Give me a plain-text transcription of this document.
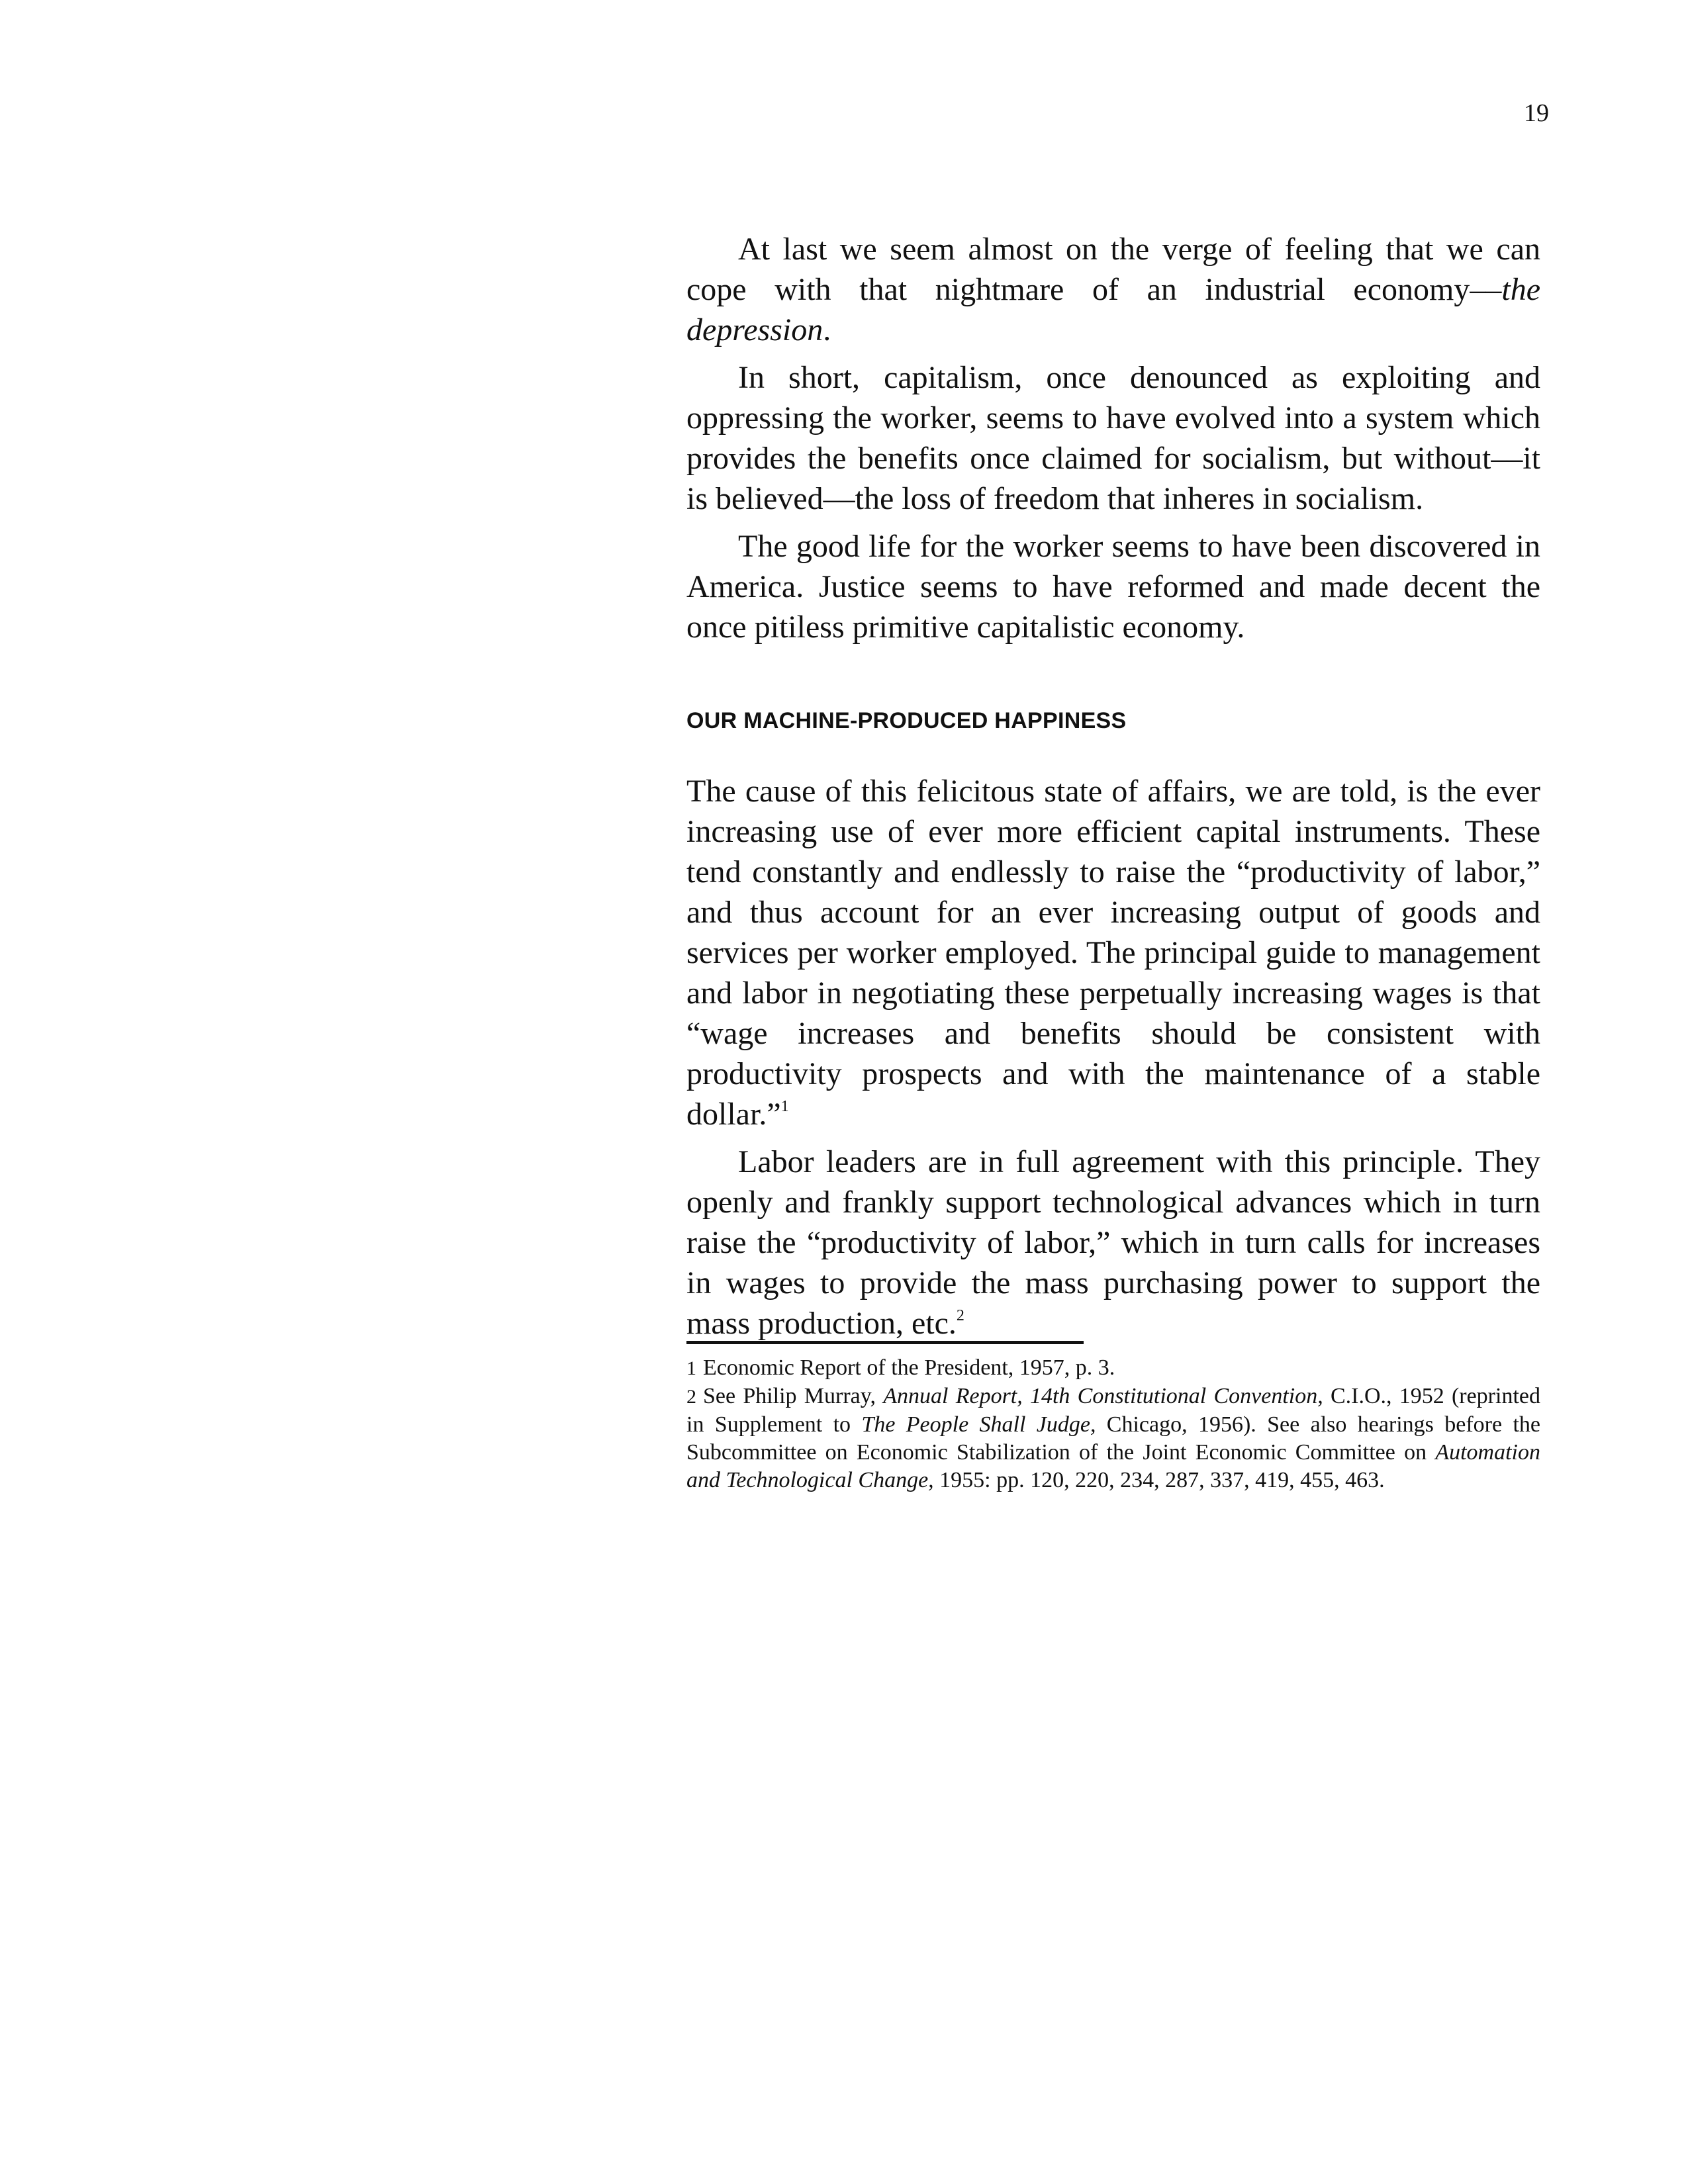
19

At last we seem almost on the verge of feeling that we can cope with that nightmare of an industrial economy––the depression.

In short, capitalism, once denounced as exploiting and oppressing the worker, seems to have evolved into a system which provides the benefits once claimed for socialism, but without––it is believed––the loss of freedom that inheres in socialism.

The good life for the worker seems to have been discovered in America. Justice seems to have reformed and made decent the once pitiless primitive capitalistic economy.

OUR MACHINE-PRODUCED HAPPINESS

The cause of this felicitous state of affairs, we are told, is the ever increasing use of ever more efficient capital instruments. These tend constantly and endlessly to raise the “productivity of labor,” and thus account for an ever increasing output of goods and services per worker employed. The principal guide to management and labor in negotiating these perpetually increasing wages is that “wage increases and benefits should be consistent with productivity prospects and with the maintenance of a stable dollar.”$^1$

Labor leaders are in full agreement with this principle. They openly and frankly support technological advances which in turn raise the “productivity of labor,” which in turn calls for increases in wages to provide the mass purchasing power to support the mass production, etc.$^2$

1 Economic Report of the President, 1957, p. 3.

2 See Philip Murray, Annual Report, 14th Constitutional Convention, C.I.O., 1952 (reprinted in Supplement to The People Shall Judge, Chicago, 1956). See also hearings before the Subcommittee on Economic Stabilization of the Joint Economic Committee on Automation and Technological Change, 1955: pp. 120, 220, 234, 287, 337, 419, 455, 463.
